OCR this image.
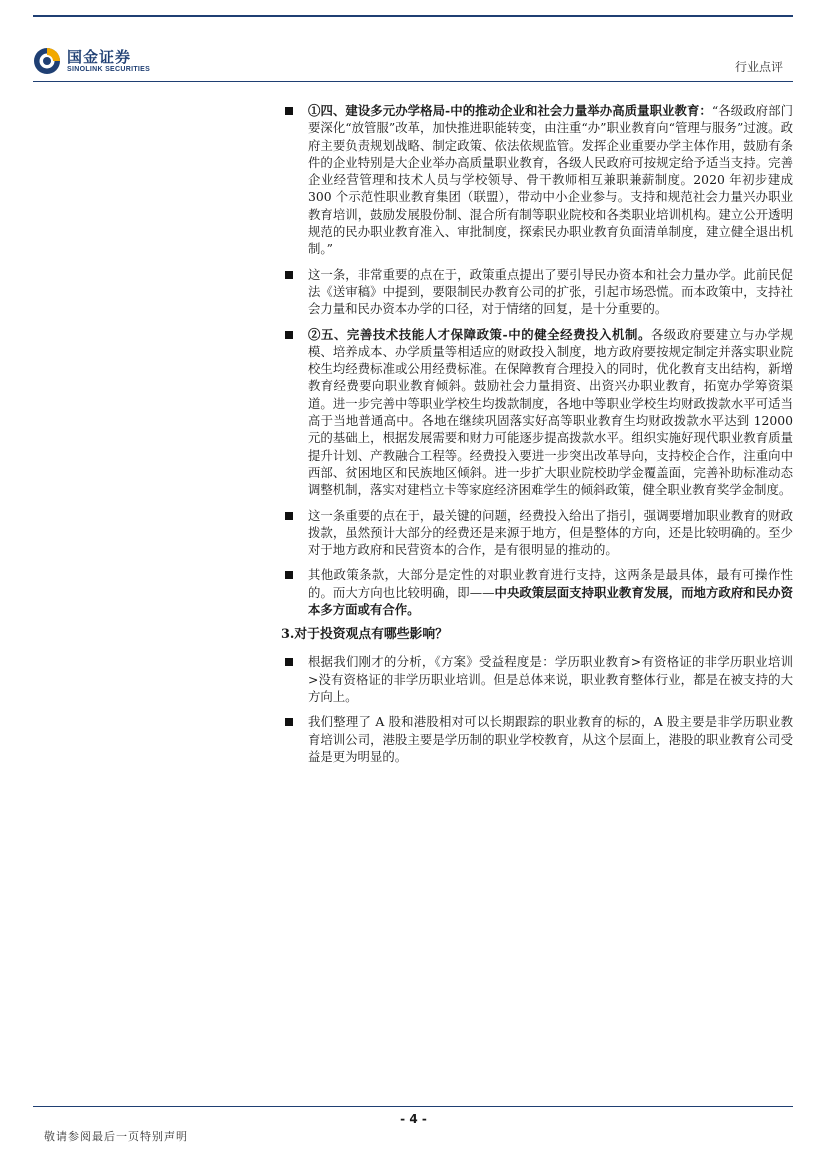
国金证券
SINOLINK SECURITIES	行业点评

①四、建设多元办学格局-中的推动企业和社会力量举办高质量职业教育：“各级政府部门要深化“放管服”改革，加快推进职能转变，由注重“办”职业教育向“管理与服务”过渡。政府主要负责规划战略、制定政策、依法依规监管。发挥企业重要办学主体作用，鼓励有条件的企业特别是大企业举办高质量职业教育，各级人民政府可按规定给予适当支持。完善企业经营管理和技术人员与学校领导、骨干教师相互兼职兼薪制度。2020 年初步建成 300 个示范性职业教育集团（联盟），带动中小企业参与。支持和规范社会力量兴办职业教育培训，鼓励发展股份制、混合所有制等职业院校和各类职业培训机构。建立公开透明规范的民办职业教育准入、审批制度，探索民办职业教育负面清单制度，建立健全退出机制。”

这一条，非常重要的点在于，政策重点提出了要引导民办资本和社会力量办学。此前民促法《送审稿》中提到，要限制民办教育公司的扩张，引起市场恐慌。而本政策中，支持社会力量和民办资本办学的口径，对于情绪的回复，是十分重要的。

②五、完善技术技能人才保障政策-中的健全经费投入机制。各级政府要建立与办学规模、培养成本、办学质量等相适应的财政投入制度，地方政府要按规定制定并落实职业院校生均经费标准或公用经费标准。在保障教育合理投入的同时，优化教育支出结构，新增教育经费要向职业教育倾斜。鼓励社会力量捐资、出资兴办职业教育，拓宽办学筹资渠道。进一步完善中等职业学校生均拨款制度，各地中等职业学校生均财政拨款水平可适当高于当地普通高中。各地在继续巩固落实好高等职业教育生均财政拨款水平达到 12000 元的基础上，根据发展需要和财力可能逐步提高拨款水平。组织实施好现代职业教育质量提升计划、产教融合工程等。经费投入要进一步突出改革导向，支持校企合作，注重向中西部、贫困地区和民族地区倾斜。进一步扩大职业院校助学金覆盖面，完善补助标准动态调整机制，落实对建档立卡等家庭经济困难学生的倾斜政策，健全职业教育奖学金制度。

这一条重要的点在于，最关键的问题，经费投入给出了指引，强调要增加职业教育的财政拨款，虽然预计大部分的经费还是来源于地方，但是整体的方向，还是比较明确的。至少对于地方政府和民营资本的合作，是有很明显的推动的。

其他政策条款，大部分是定性的对职业教育进行支持，这两条是最具体，最有可操作性的。而大方向也比较明确，即——中央政策层面支持职业教育发展，而地方政府和民办资本多方面或有合作。

3.对于投资观点有哪些影响？

根据我们刚才的分析，《方案》受益程度是：学历职业教育>有资格证的非学历职业培训>没有资格证的非学历职业培训。但是总体来说，职业教育整体行业，都是在被支持的大方向上。

我们整理了 A 股和港股相对可以长期跟踪的职业教育的标的，A 股主要是非学历职业教育培训公司，港股主要是学历制的职业学校教育，从这个层面上，港股的职业教育公司受益是更为明显的。

- 4 -
敬请参阅最后一页特别声明
